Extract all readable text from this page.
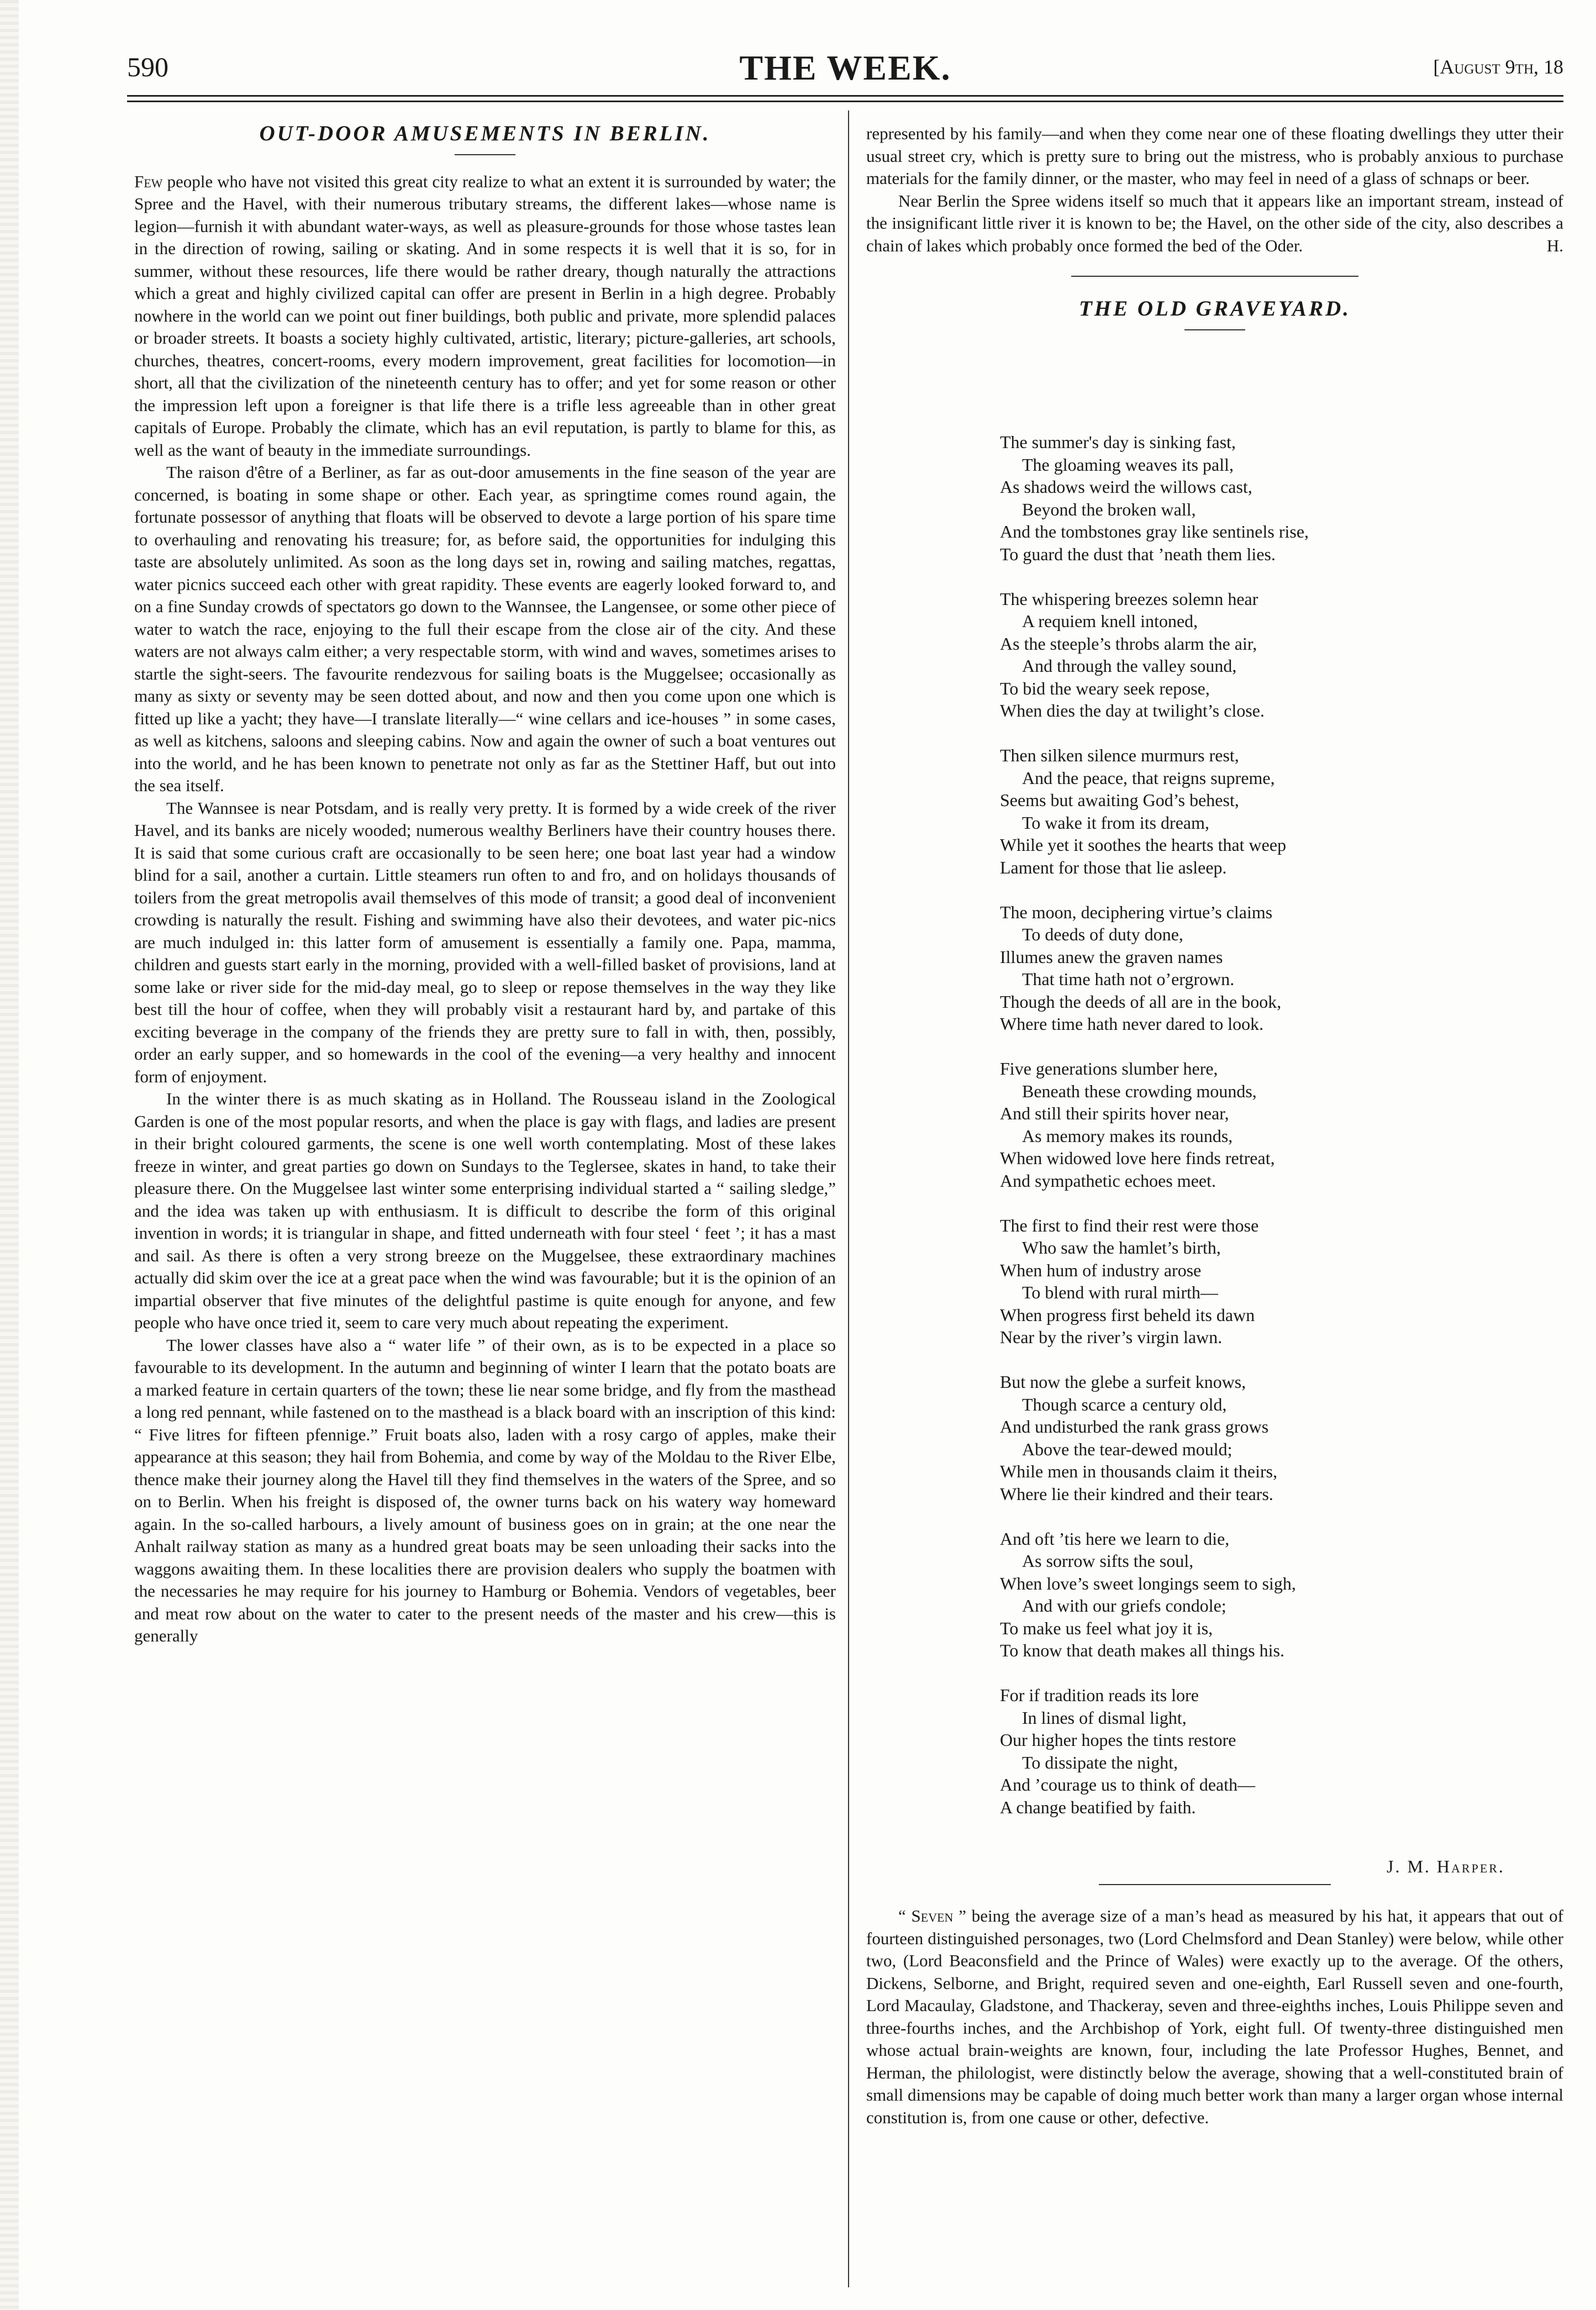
590	THE WEEK.	[August 9th, 18
OUT-DOOR AMUSEMENTS IN BERLIN.

Few people who have not visited this great city realize to what an extent it is surrounded by water; the Spree and the Havel, with their numerous tributary streams, the different lakes—whose name is legion—furnish it with abundant water-ways, as well as pleasure-grounds for those whose tastes lean in the direction of rowing, sailing or skating. And in some respects it is well that it is so, for in summer, without these resources, life there would be rather dreary, though naturally the attractions which a great and highly civilized capital can offer are present in Berlin in a high degree. Probably nowhere in the world can we point out finer buildings, both public and private, more splendid palaces or broader streets. It boasts a society highly cultivated, artistic, literary; picture-galleries, art schools, churches, theatres, concert-rooms, every modern improvement, great facilities for locomotion—in short, all that the civilization of the nineteenth century has to offer; and yet for some reason or other the impression left upon a foreigner is that life there is a trifle less agreeable than in other great capitals of Europe. Probably the climate, which has an evil reputation, is partly to blame for this, as well as the want of beauty in the immediate surroundings.

The raison d'être of a Berliner, as far as out-door amusements in the fine season of the year are concerned, is boating in some shape or other. Each year, as springtime comes round again, the fortunate possessor of anything that floats will be observed to devote a large portion of his spare time to overhauling and renovating his treasure; for, as before said, the opportunities for indulging this taste are absolutely unlimited. As soon as the long days set in, rowing and sailing matches, regattas, water picnics succeed each other with great rapidity. These events are eagerly looked forward to, and on a fine Sunday crowds of spectators go down to the Wannsee, the Langensee, or some other piece of water to watch the race, enjoying to the full their escape from the close air of the city. And these waters are not always calm either; a very respectable storm, with wind and waves, sometimes arises to startle the sight-seers. The favourite rendezvous for sailing boats is the Muggelsee; occasionally as many as sixty or seventy may be seen dotted about, and now and then you come upon one which is fitted up like a yacht; they have—I translate literally—“ wine cellars and ice-houses ” in some cases, as well as kitchens, saloons and sleeping cabins. Now and again the owner of such a boat ventures out into the world, and he has been known to penetrate not only as far as the Stettiner Haff, but out into the sea itself.

The Wannsee is near Potsdam, and is really very pretty. It is formed by a wide creek of the river Havel, and its banks are nicely wooded; numerous wealthy Berliners have their country houses there. It is said that some curious craft are occasionally to be seen here; one boat last year had a window blind for a sail, another a curtain. Little steamers run often to and fro, and on holidays thousands of toilers from the great metropolis avail themselves of this mode of transit; a good deal of inconvenient crowding is naturally the result. Fishing and swimming have also their devotees, and water pic-nics are much indulged in: this latter form of amusement is essentially a family one. Papa, mamma, children and guests start early in the morning, provided with a well-filled basket of provisions, land at some lake or river side for the mid-day meal, go to sleep or repose themselves in the way they like best till the hour of coffee, when they will probably visit a restaurant hard by, and partake of this exciting beverage in the company of the friends they are pretty sure to fall in with, then, possibly, order an early supper, and so homewards in the cool of the evening—a very healthy and innocent form of enjoyment.

In the winter there is as much skating as in Holland. The Rousseau island in the Zoological Garden is one of the most popular resorts, and when the place is gay with flags, and ladies are present in their bright coloured garments, the scene is one well worth contemplating. Most of these lakes freeze in winter, and great parties go down on Sundays to the Teglersee, skates in hand, to take their pleasure there. On the Muggelsee last winter some enterprising individual started a “ sailing sledge,” and the idea was taken up with enthusiasm. It is difficult to describe the form of this original invention in words; it is triangular in shape, and fitted underneath with four steel ‘ feet ’; it has a mast and sail. As there is often a very strong breeze on the Muggelsee, these extraordinary machines actually did skim over the ice at a great pace when the wind was favourable; but it is the opinion of an impartial observer that five minutes of the delightful pastime is quite enough for anyone, and few people who have once tried it, seem to care very much about repeating the experiment.

The lower classes have also a “ water life ” of their own, as is to be expected in a place so favourable to its development. In the autumn and beginning of winter I learn that the potato boats are a marked feature in certain quarters of the town; these lie near some bridge, and fly from the masthead a long red pennant, while fastened on to the masthead is a black board with an inscription of this kind: “ Five litres for fifteen pfennige.” Fruit boats also, laden with a rosy cargo of apples, make their appearance at this season; they hail from Bohemia, and come by way of the Moldau to the River Elbe, thence make their journey along the Havel till they find themselves in the waters of the Spree, and so on to Berlin. When his freight is disposed of, the owner turns back on his watery way homeward again. In the so-called harbours, a lively amount of business goes on in grain; at the one near the Anhalt railway station as many as a hundred great boats may be seen unloading their sacks into the waggons awaiting them. In these localities there are provision dealers who supply the boatmen with the necessaries he may require for his journey to Hamburg or Bohemia. Vendors of vegetables, beer and meat row about on the water to cater to the present needs of the master and his crew—this is generally

represented by his family—and when they come near one of these floating dwellings they utter their usual street cry, which is pretty sure to bring out the mistress, who is probably anxious to purchase materials for the family dinner, or the master, who may feel in need of a glass of schnaps or beer.

Near Berlin the Spree widens itself so much that it appears like an important stream, instead of the insignificant little river it is known to be; the Havel, on the other side of the city, also describes a chain of lakes which probably once formed the bed of the Oder.	H.

THE OLD GRAVEYARD.
The summer's day is sinking fast,
The gloaming weaves its pall,
As shadows weird the willows cast,
Beyond the broken wall,
And the tombstones gray like sentinels rise,
To guard the dust that ’neath them lies.
The whispering breezes solemn hear
A requiem knell intoned,
As the steeple’s throbs alarm the air,
And through the valley sound,
To bid the weary seek repose,
When dies the day at twilight’s close.
Then silken silence murmurs rest,
And the peace, that reigns supreme,
Seems but awaiting God’s behest,
To wake it from its dream,
While yet it soothes the hearts that weep
Lament for those that lie asleep.
The moon, deciphering virtue’s claims
To deeds of duty done,
Illumes anew the graven names
That time hath not o’ergrown.
Though the deeds of all are in the book,
Where time hath never dared to look.
Five generations slumber here,
Beneath these crowding mounds,
And still their spirits hover near,
As memory makes its rounds,
When widowed love here finds retreat,
And sympathetic echoes meet.
The first to find their rest were those
Who saw the hamlet’s birth,
When hum of industry arose
To blend with rural mirth—
When progress first beheld its dawn
Near by the river’s virgin lawn.
But now the glebe a surfeit knows,
Though scarce a century old,
And undisturbed the rank grass grows
Above the tear-dewed mould;
While men in thousands claim it theirs,
Where lie their kindred and their tears.
And oft ’tis here we learn to die,
As sorrow sifts the soul,
When love’s sweet longings seem to sigh,
And with our griefs condole;
To make us feel what joy it is,
To know that death makes all things his.
For if tradition reads its lore
In lines of dismal light,
Our higher hopes the tints restore
To dissipate the night,
And ’courage us to think of death—
A change beatified by faith.
J. M. Harper.

“ Seven ” being the average size of a man’s head as measured by his hat, it appears that out of fourteen distinguished personages, two (Lord Chelmsford and Dean Stanley) were below, while other two, (Lord Beaconsfield and the Prince of Wales) were exactly up to the average. Of the others, Dickens, Selborne, and Bright, required seven and one-eighth, Earl Russell seven and one-fourth, Lord Macaulay, Gladstone, and Thackeray, seven and three-eighths inches, Louis Philippe seven and three-fourths inches, and the Archbishop of York, eight full. Of twenty-three distinguished men whose actual brain-weights are known, four, including the late Professor Hughes, Bennet, and Herman, the philologist, were distinctly below the average, showing that a well-constituted brain of small dimensions may be capable of doing much better work than many a larger organ whose internal constitution is, from one cause or other, defective.
